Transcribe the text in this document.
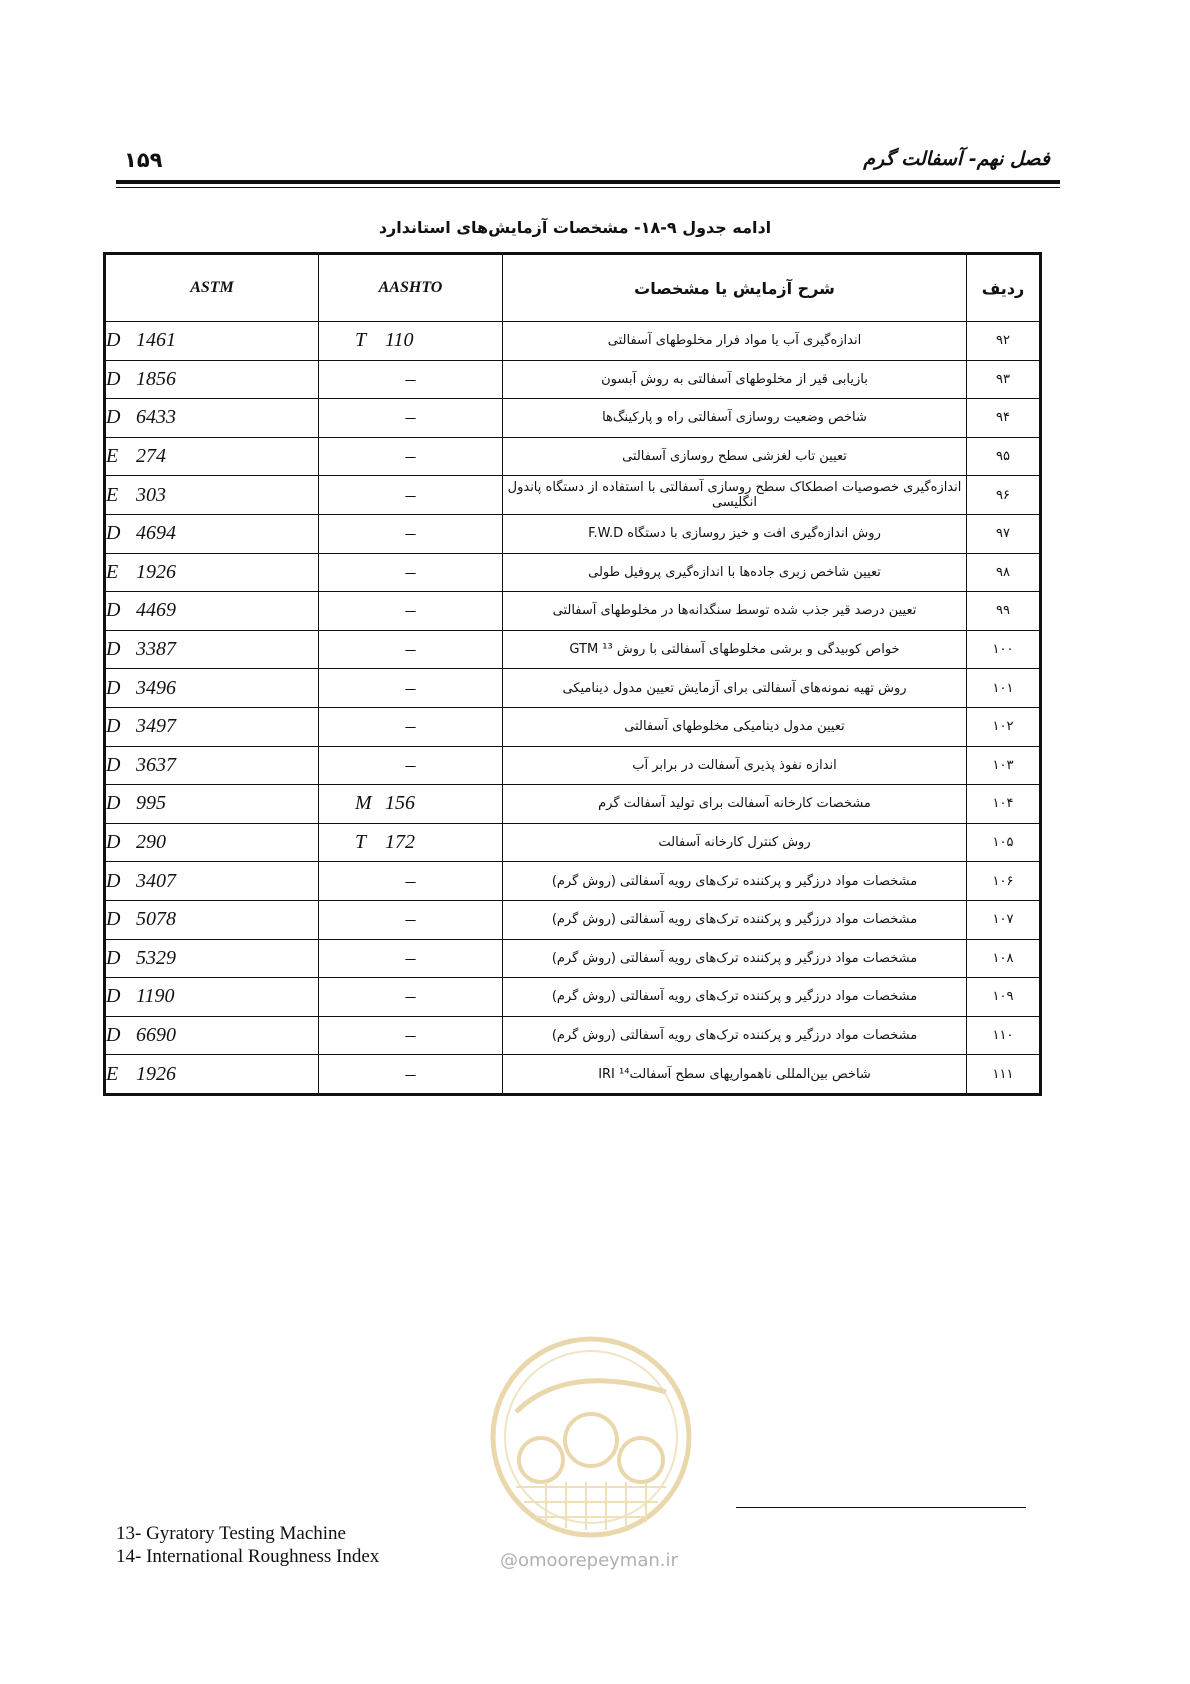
۱۵۹	فصل نهم- آسفالت گرم
ادامه جدول ۹-۱۸- مشخصات آزمایش‌های استاندارد
ASTM	AASHTO	شرح آزمایش یا مشخصات	ردیف
D 1461	T 110	اندازه‌گیری آب یا مواد فرار مخلوطهای آسفالتی	۹۲
D 1856	–	بازیابی قیر از مخلوطهای آسفالتی به روش آبسون	۹۳
D 6433	–	شاخص وضعیت روسازی آسفالتی راه و پارکینگ‌ها	۹۴
E 274	–	تعیین تاب لغزشی سطح روسازی آسفالتی	۹۵
E 303	–	اندازه‌گیری خصوصیات اصطکاک سطح روسازی آسفالتی با استفاده از دستگاه پاندول انگلیسی	۹۶
D 4694	–	روش اندازه‌گیری افت و خیز روسازی با دستگاه F.W.D	۹۷
E 1926	–	تعیین شاخص زبری جاده‌ها با اندازه‌گیری پروفیل طولی	۹۸
D 4469	–	تعیین درصد قیر جذب شده توسط سنگدانه‌ها در مخلوطهای آسفالتی	۹۹
D 3387	–	خواص کوبیدگی و برشی مخلوطهای آسفالتی با روش GTM ¹³	۱۰۰
D 3496	–	روش تهیه نمونه‌های آسفالتی برای آزمایش تعیین مدول دینامیکی	۱۰۱
D 3497	–	تعیین مدول دینامیکی مخلوطهای آسفالتی	۱۰۲
D 3637	–	اندازه نفوذ پذیری آسفالت در برابر آب	۱۰۳
D 995	M 156	مشخصات کارخانه آسفالت برای تولید آسفالت گرم	۱۰۴
D 290	T 172	روش کنترل کارخانه آسفالت	۱۰۵
D 3407	–	مشخصات مواد درزگیر و پرکننده ترک‌های رویه آسفالتی (روش گرم)	۱۰۶
D 5078	–	مشخصات مواد درزگیر و پرکننده ترک‌های رویه آسفالتی (روش گرم)	۱۰۷
D 5329	–	مشخصات مواد درزگیر و پرکننده ترک‌های رویه آسفالتی (روش گرم)	۱۰۸
D 1190	–	مشخصات مواد درزگیر و پرکننده ترک‌های رویه آسفالتی (روش گرم)	۱۰۹
D 6690	–	مشخصات مواد درزگیر و پرکننده ترک‌های رویه آسفالتی (روش گرم)	۱۱۰
E 1926	–	شاخص بین‌المللی ناهمواریهای سطح آسفالت¹⁴ IRI	۱۱۱
@omoorepeyman.ir
13- Gyratory Testing Machine
14- International Roughness Index
